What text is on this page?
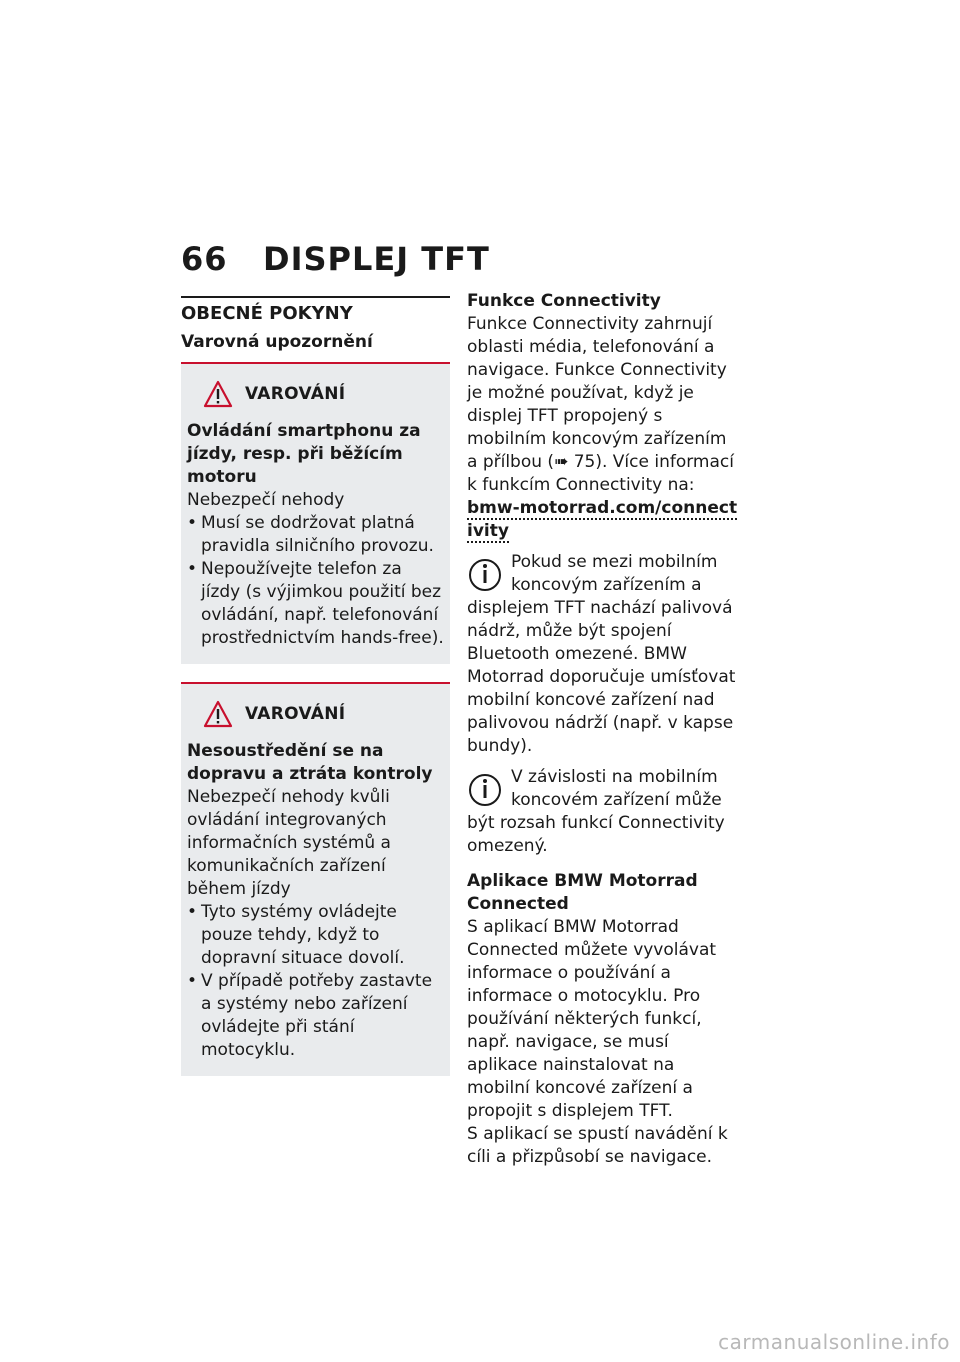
66 DISPLEJ TFT
OBECNÉ POKYNY
Varovná upozornění
VAROVÁNÍ
Ovládání smartphonu za jízdy, resp. při běžícím motoru
Nebezpečí nehody
• Musí se dodržovat platná pravidla silničního provozu.
• Nepoužívejte telefon za jízdy (s výjimkou použití bez ovládání, např. telefonování prostřednictvím hands-free).
VAROVÁNÍ
Nesoustředění se na dopravu a ztráta kontroly
Nebezpečí nehody kvůli ovládání integrovaných informačních systémů a komunikačních zařízení během jízdy
• Tyto systémy ovládejte pouze tehdy, když to dopravní situace dovolí.
• V případě potřeby zastavte a systémy nebo zařízení ovládejte při stání motocyklu.
Funkce Connectivity
Funkce Connectivity zahrnují oblasti média, telefonování a navigace. Funkce Connectivity je možné používat, když je displej TFT propojený s mobilním koncovým zařízením a přílbou (➠ 75). Více informací k funkcím Connectivity na:
bmw-motorrad.com/connectivity
Pokud se mezi mobilním koncovým zařízením a displejem TFT nachází palivová nádrž, může být spojení Bluetooth omezené. BMW Motorrad doporučuje umísťovat mobilní koncové zařízení nad palivovou nádrží (např. v kapse bundy).
V závislosti na mobilním koncovém zařízení může být rozsah funkcí Connectivity omezený.
Aplikace BMW Motorrad Connected
S aplikací BMW Motorrad Connected můžete vyvolávat informace o používání a informace o motocyklu. Pro používání některých funkcí, např. navigace, se musí aplikace nainstalovat na mobilní koncové zařízení a propojit s displejem TFT.
S aplikací se spustí navádění k cíli a přizpůsobí se navigace.
carmanualsonline.info
